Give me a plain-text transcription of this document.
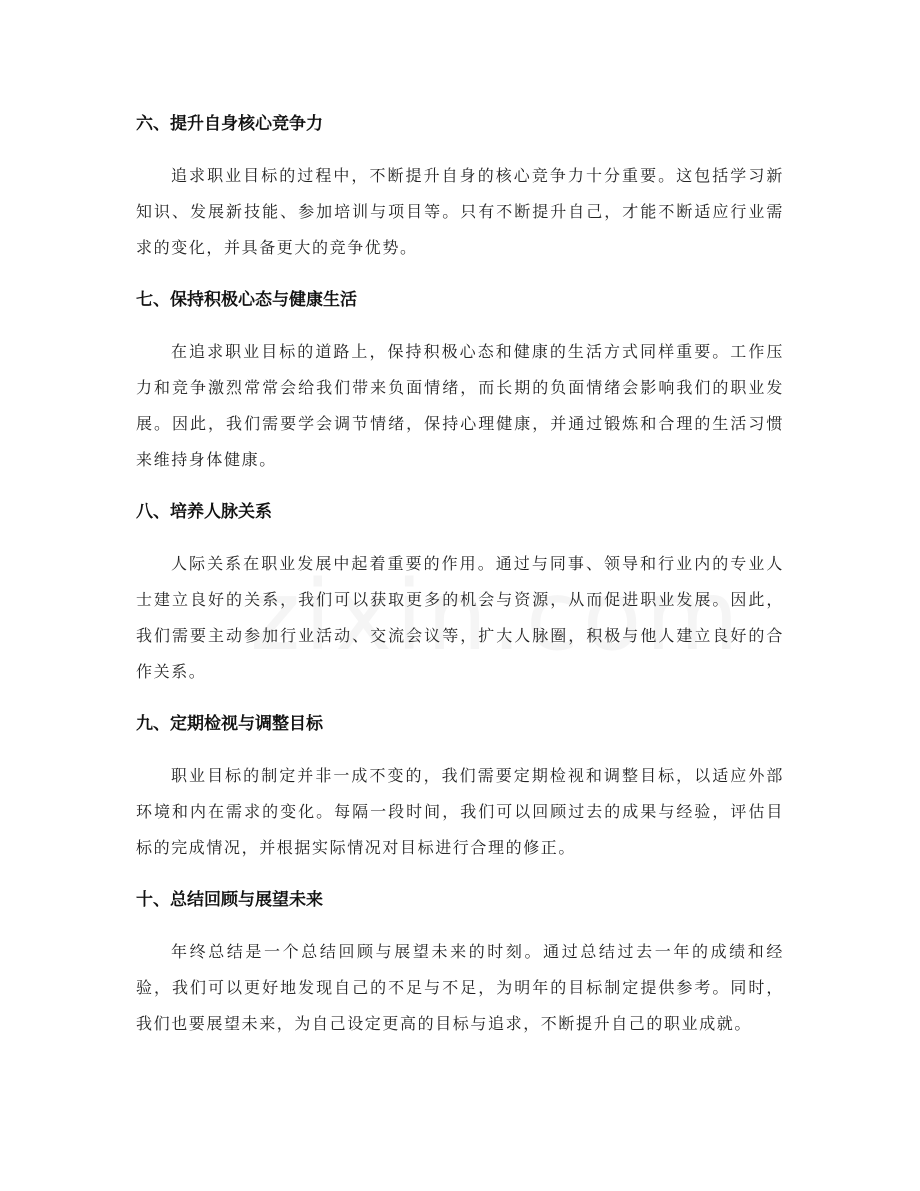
六、提升自身核心竞争力

追求职业目标的过程中，不断提升自身的核心竞争力十分重要。这包括学习新知识、发展新技能、参加培训与项目等。只有不断提升自己，才能不断适应行业需求的变化，并具备更大的竞争优势。

七、保持积极心态与健康生活

在追求职业目标的道路上，保持积极心态和健康的生活方式同样重要。工作压力和竞争激烈常常会给我们带来负面情绪，而长期的负面情绪会影响我们的职业发展。因此，我们需要学会调节情绪，保持心理健康，并通过锻炼和合理的生活习惯来维持身体健康。

八、培养人脉关系

人际关系在职业发展中起着重要的作用。通过与同事、领导和行业内的专业人士建立良好的关系，我们可以获取更多的机会与资源，从而促进职业发展。因此，我们需要主动参加行业活动、交流会议等，扩大人脉圈，积极与他人建立良好的合作关系。

九、定期检视与调整目标

职业目标的制定并非一成不变的，我们需要定期检视和调整目标，以适应外部环境和内在需求的变化。每隔一段时间，我们可以回顾过去的成果与经验，评估目标的完成情况，并根据实际情况对目标进行合理的修正。

十、总结回顾与展望未来

年终总结是一个总结回顾与展望未来的时刻。通过总结过去一年的成绩和经验，我们可以更好地发现自己的不足与不足，为明年的目标制定提供参考。同时，我们也要展望未来，为自己设定更高的目标与追求，不断提升自己的职业成就。
